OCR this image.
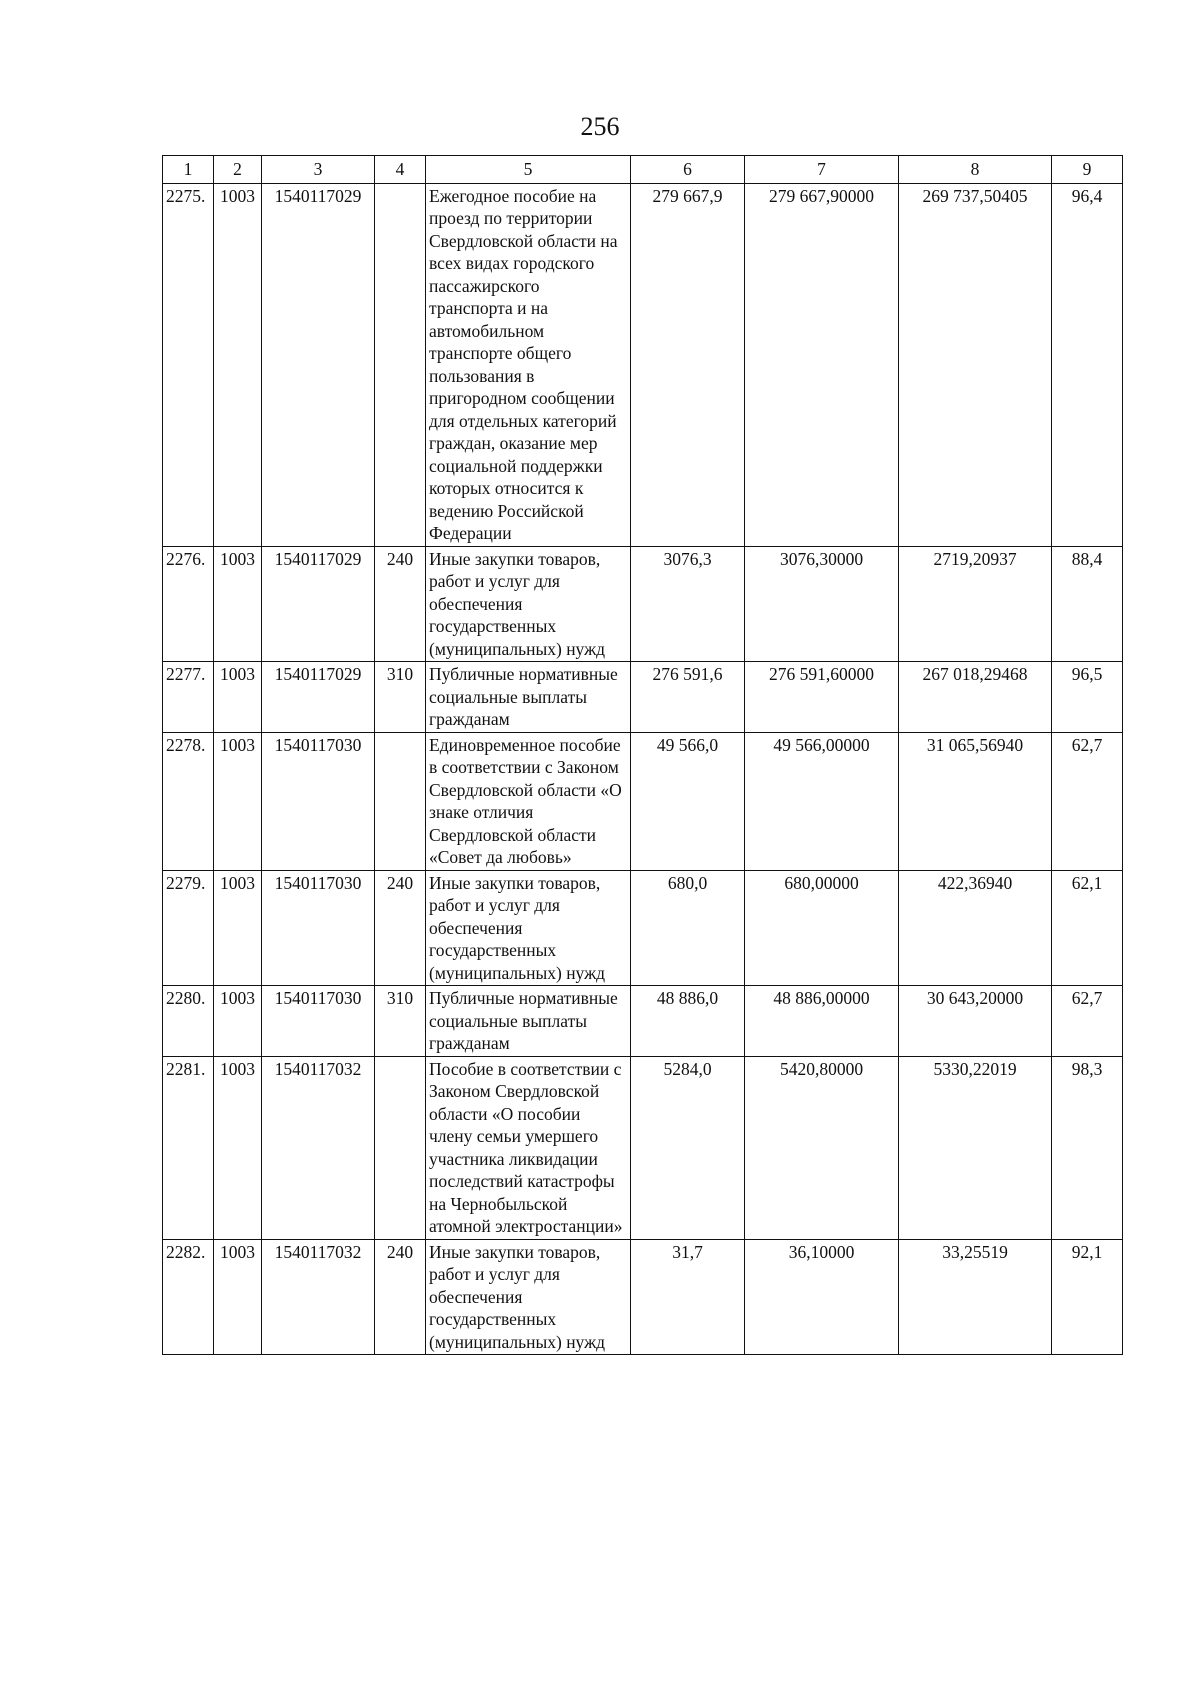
256
1	2	3	4	5	6	7	8	9
2275.	1003	1540117029		Ежегодное пособие на проезд по территории Свердловской области на всех видах городского пассажирского транспорта и на автомобильном транспорте общего пользования в пригородном сообщении для отдельных категорий граждан, оказание мер социальной поддержки которых относится к ведению Российской Федерации	279 667,9	279 667,90000	269 737,50405	96,4
2276.	1003	1540117029	240	Иные закупки товаров, работ и услуг для обеспечения государственных (муниципальных) нужд	3076,3	3076,30000	2719,20937	88,4
2277.	1003	1540117029	310	Публичные нормативные социальные выплаты гражданам	276 591,6	276 591,60000	267 018,29468	96,5
2278.	1003	1540117030		Единовременное пособие в соответствии с Законом Свердловской области «О знаке отличия Свердловской области «Совет да любовь»	49 566,0	49 566,00000	31 065,56940	62,7
2279.	1003	1540117030	240	Иные закупки товаров, работ и услуг для обеспечения государственных (муниципальных) нужд	680,0	680,00000	422,36940	62,1
2280.	1003	1540117030	310	Публичные нормативные социальные выплаты гражданам	48 886,0	48 886,00000	30 643,20000	62,7
2281.	1003	1540117032		Пособие в соответствии с Законом Свердловской области «О пособии члену семьи умершего участника ликвидации последствий катастрофы на Чернобыльской атомной электростанции»	5284,0	5420,80000	5330,22019	98,3
2282.	1003	1540117032	240	Иные закупки товаров, работ и услуг для обеспечения государственных (муниципальных) нужд	31,7	36,10000	33,25519	92,1
